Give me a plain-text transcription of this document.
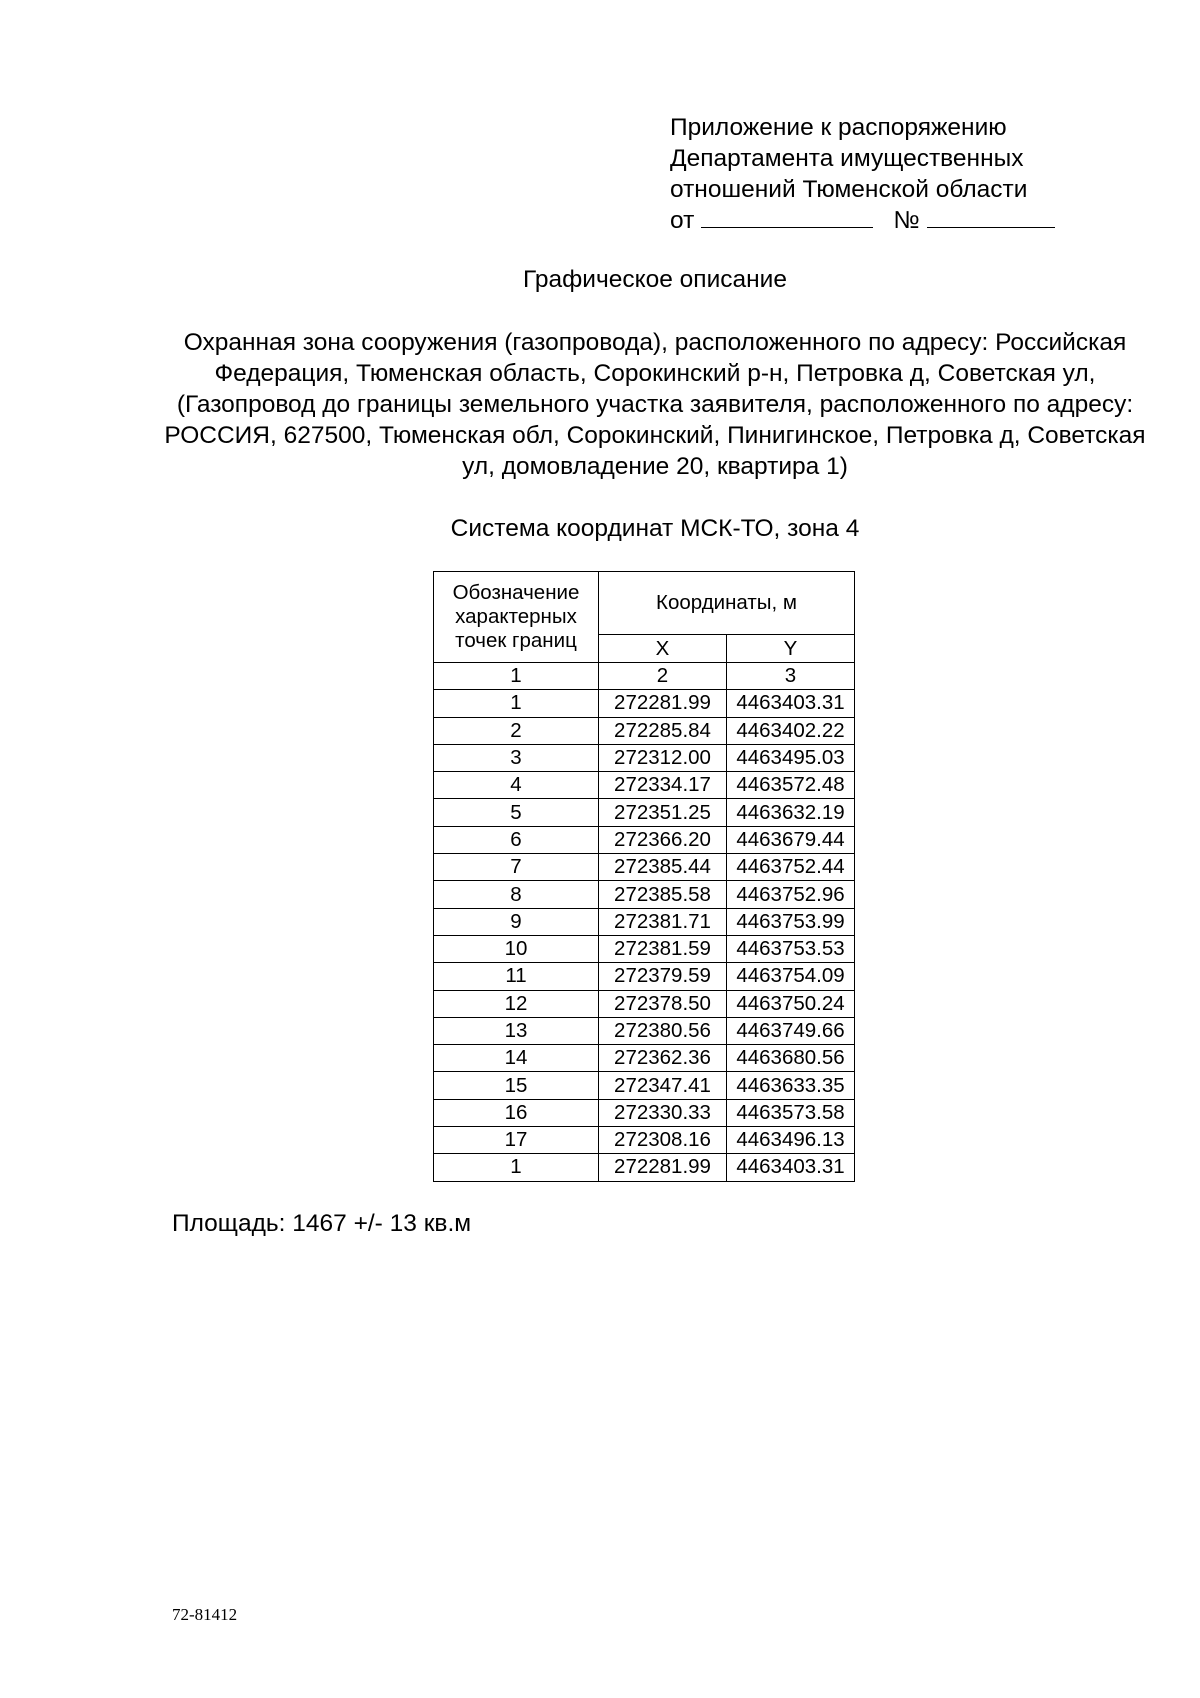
Приложение к распоряжению
Департамента имущественных
отношений Тюменской области
от	№
Графическое описание
Охранная зона сооружения (газопровода), расположенного по адресу: Российская Федерация, Тюменская область, Сорокинский р-н, Петровка д, Советская ул, (Газопровод до границы земельного участка заявителя, расположенного по адресу: РОССИЯ, 627500, Тюменская обл, Сорокинский, Пинигинское, Петровка д, Советская ул, домовладение 20, квартира 1)
Система координат МСК-ТО, зона 4
Обозначение характерных точек границ	Координаты, м	
	X	Y
1	2	3
1	272281.99	4463403.31
2	272285.84	4463402.22
3	272312.00	4463495.03
4	272334.17	4463572.48
5	272351.25	4463632.19
6	272366.20	4463679.44
7	272385.44	4463752.44
8	272385.58	4463752.96
9	272381.71	4463753.99
10	272381.59	4463753.53
11	272379.59	4463754.09
12	272378.50	4463750.24
13	272380.56	4463749.66
14	272362.36	4463680.56
15	272347.41	4463633.35
16	272330.33	4463573.58
17	272308.16	4463496.13
1	272281.99	4463403.31
Площадь: 1467 +/- 13 кв.м
72-81412
